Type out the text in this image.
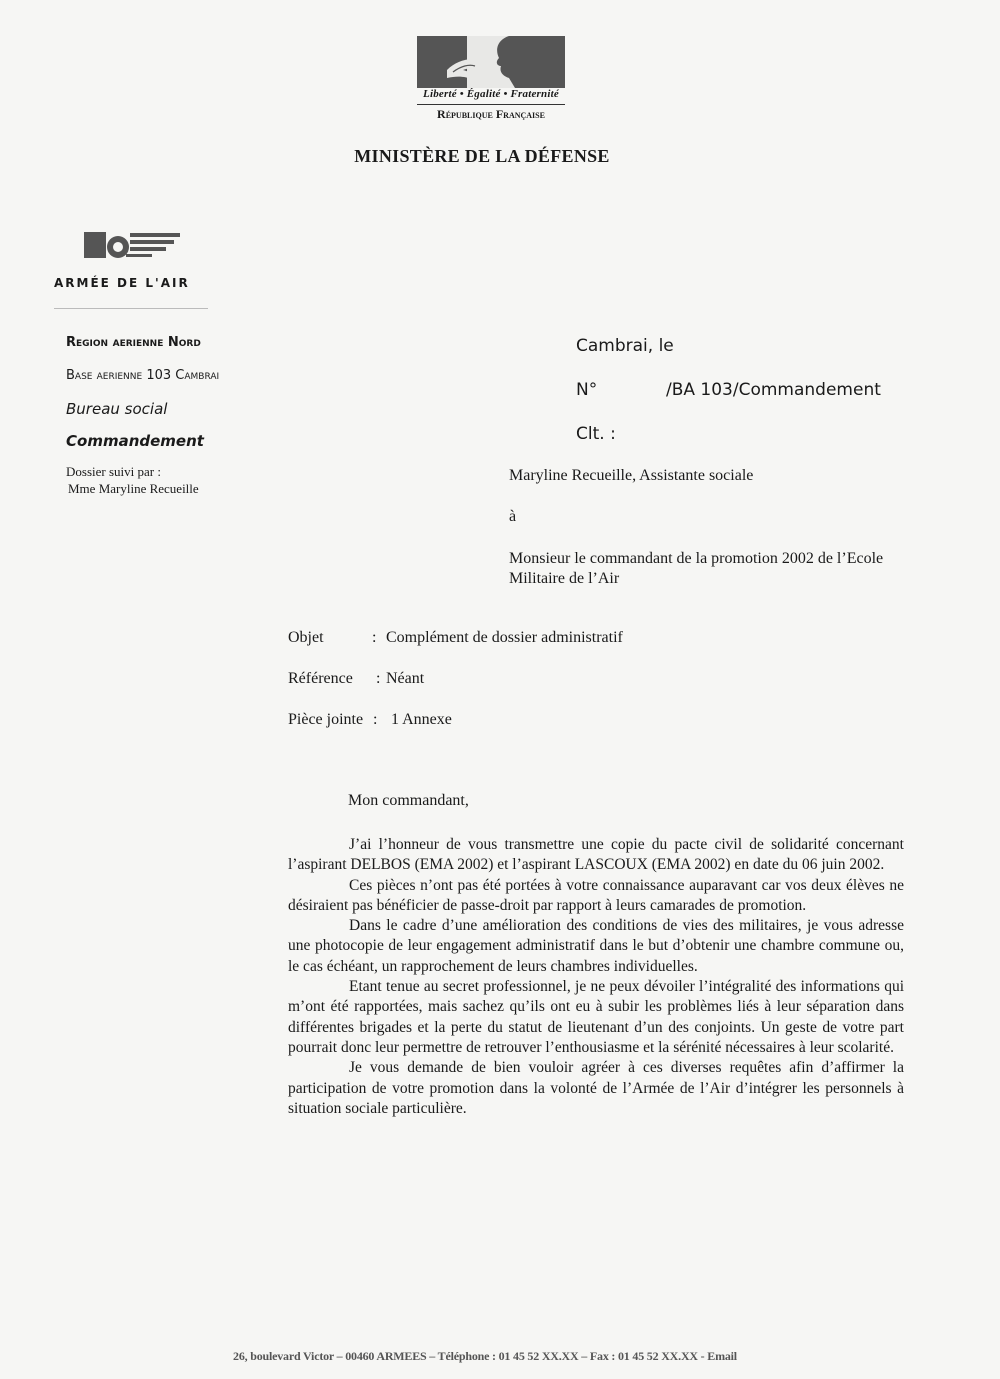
Liberté • Égalité • Fraternité
République Française
MINISTÈRE DE LA DÉFENSE
ARMÉE DE L'AIR
Region aerienne Nord
Base aerienne 103 Cambrai
Bureau social
Commandement
Dossier suivi par :
Mme Maryline Recueille
Cambrai, le
N°	/BA 103/Commandement
Clt. :
Maryline Recueille, Assistante sociale
à
Monsieur le commandant de la promotion 2002 de l’Ecole Militaire de l’Air
Objet	: Complément de dossier administratif
Référence : Néant
Pièce jointe : 1 Annexe
Mon commandant,

J’ai l’honneur de vous transmettre une copie du pacte civil de solidarité concernant l’aspirant DELBOS (EMA 2002) et l’aspirant LASCOUX (EMA 2002) en date du 06 juin 2002.

Ces pièces n’ont pas été portées à votre connaissance auparavant car vos deux élèves ne désiraient pas bénéficier de passe-droit par rapport à leurs camarades de promotion.

Dans le cadre d’une amélioration des conditions de vies des militaires, je vous adresse une photocopie de leur engagement administratif dans le but d’obtenir une chambre commune ou, le cas échéant, un rapprochement de leurs chambres individuelles.

Etant tenue au secret professionnel, je ne peux dévoiler l’intégralité des informations qui m’ont été rapportées, mais sachez qu’ils ont eu à subir les problèmes liés à leur séparation dans différentes brigades et la perte du statut de lieutenant d’un des conjoints. Un geste de votre part pourrait donc leur permettre de retrouver l’enthousiasme et la sérénité nécessaires à leur scolarité.

Je vous demande de bien vouloir agréer à ces diverses requêtes afin d’affirmer la participation de votre promotion dans la volonté de l’Armée de l’Air d’intégrer les personnels à situation sociale particulière.

26, boulevard Victor – 00460 ARMEES – Téléphone : 01 45 52 XX.XX – Fax : 01 45 52 XX.XX - Email
